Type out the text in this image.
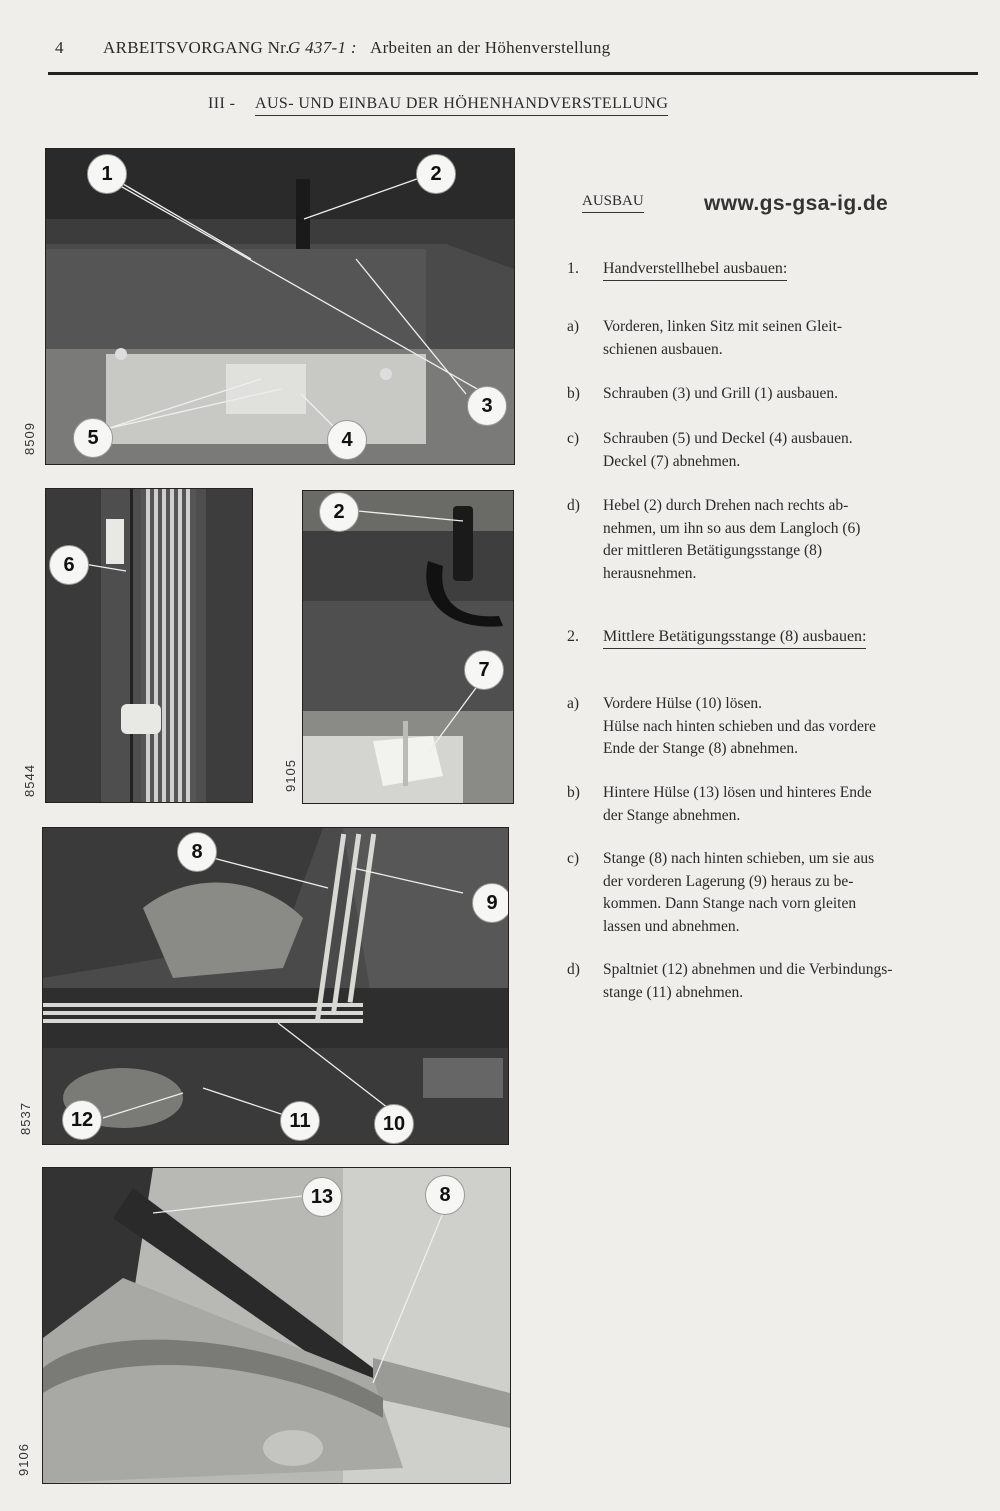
4 ARBEITSVORGANG Nr.
G 437-1 : Arbeiten an der Höhenverstellung
III - AUS- UND EINBAU DER HÖHENHANDVERSTELLUNG
1	2
3
4
5
8509
6
8544
2
7
9105
8
9
10
11
12
8537
13	8
9106
AUSBAU	www.gs-gsa-ig.de
1. Handverstellhebel ausbauen:
a) Vorderen, linken Sitz mit seinen Gleit-
schienen ausbauen.
b) Schrauben (3) und Grill (1) ausbauen.
c) Schrauben (5) und Deckel (4) ausbauen.
Deckel (7) abnehmen.
d) Hebel (2) durch Drehen nach rechts ab-
nehmen, um ihn so aus dem Langloch (6)
der mittleren Betätigungsstange (8)
herausnehmen.
2. Mittlere Betätigungsstange (8) ausbauen:
a) Vordere Hülse (10) lösen.
Hülse nach hinten schieben und das vordere
Ende der Stange (8) abnehmen.
b) Hintere Hülse (13) lösen und hinteres Ende
der Stange abnehmen.
c) Stange (8) nach hinten schieben, um sie aus
der vorderen Lagerung (9) heraus zu be-
kommen. Dann Stange nach vorn gleiten
lassen und abnehmen.
d) Spaltniet (12) abnehmen und die Verbindungs-
stange (11) abnehmen.
